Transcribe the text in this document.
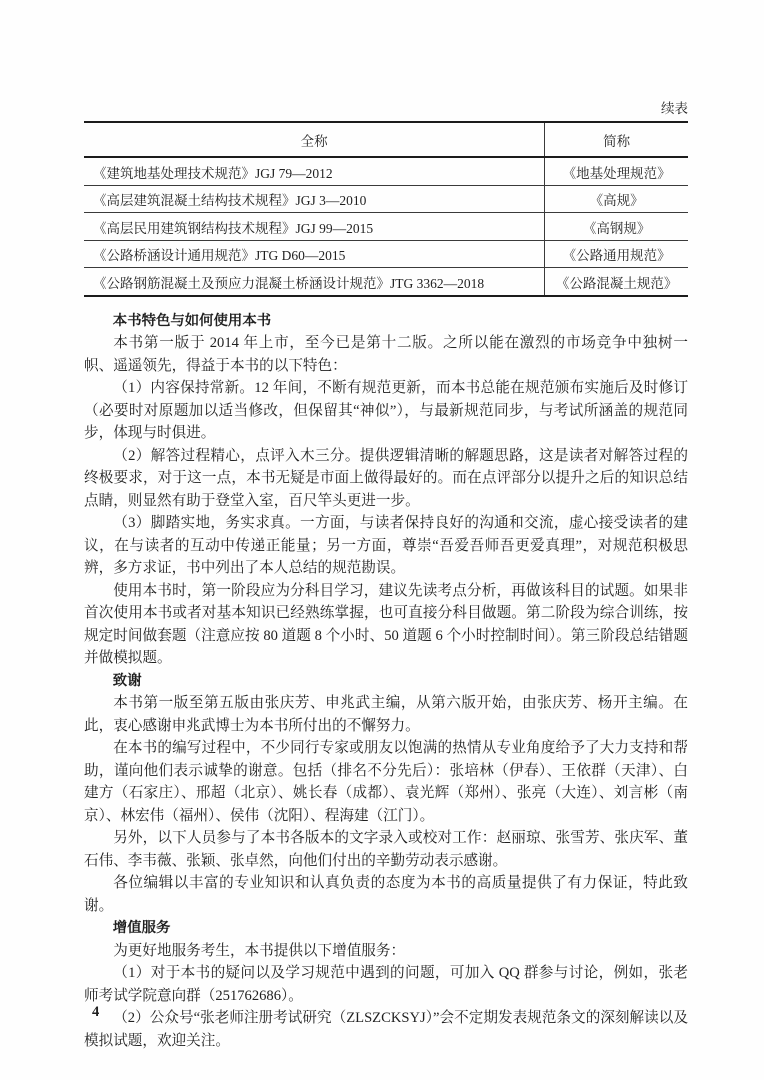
续表
全称	简称
《建筑地基处理技术规范》JGJ 79—2012	《地基处理规范》
《高层建筑混凝土结构技术规程》JGJ 3—2010	《高规》
《高层民用建筑钢结构技术规程》JGJ 99—2015	《高钢规》
《公路桥涵设计通用规范》JTG D60—2015	《公路通用规范》
《公路钢筋混凝土及预应力混凝土桥涵设计规范》JTG 3362—2018	《公路混凝土规范》
本书特色与如何使用本书

本书第一版于 2014 年上市，至今已是第十二版。之所以能在激烈的市场竞争中独树一帜、遥遥领先，得益于本书的以下特色：

（1）内容保持常新。12 年间，不断有规范更新，而本书总能在规范颁布实施后及时修订（必要时对原题加以适当修改，但保留其“神似”），与最新规范同步，与考试所涵盖的规范同步，体现与时俱进。

（2）解答过程精心，点评入木三分。提供逻辑清晰的解题思路，这是读者对解答过程的终极要求，对于这一点，本书无疑是市面上做得最好的。而在点评部分以提升之后的知识总结点睛，则显然有助于登堂入室，百尺竿头更进一步。

（3）脚踏实地，务实求真。一方面，与读者保持良好的沟通和交流，虚心接受读者的建议，在与读者的互动中传递正能量；另一方面，尊崇“吾爱吾师吾更爱真理”，对规范积极思辨，多方求证，书中列出了本人总结的规范勘误。

使用本书时，第一阶段应为分科目学习，建议先读考点分析，再做该科目的试题。如果非首次使用本书或者对基本知识已经熟练掌握，也可直接分科目做题。第二阶段为综合训练，按规定时间做套题（注意应按 80 道题 8 个小时、50 道题 6 个小时控制时间）。第三阶段总结错题并做模拟题。

致谢

本书第一版至第五版由张庆芳、申兆武主编，从第六版开始，由张庆芳、杨开主编。在此，衷心感谢申兆武博士为本书所付出的不懈努力。

在本书的编写过程中，不少同行专家或朋友以饱满的热情从专业角度给予了大力支持和帮助，谨向他们表示诚挚的谢意。包括（排名不分先后）：张培林（伊春）、王依群（天津）、白建方（石家庄）、邢超（北京）、姚长春（成都）、袁光辉（郑州）、张亮（大连）、刘言彬（南京）、林宏伟（福州）、侯伟（沈阳）、程海建（江门）。

另外，以下人员参与了本书各版本的文字录入或校对工作：赵丽琼、张雪芳、张庆军、董石伟、李韦薇、张颖、张卓然，向他们付出的辛勤劳动表示感谢。

各位编辑以丰富的专业知识和认真负责的态度为本书的高质量提供了有力保证，特此致谢。

增值服务

为更好地服务考生，本书提供以下增值服务：

（1）对于本书的疑问以及学习规范中遇到的问题，可加入 QQ 群参与讨论，例如，张老师考试学院意向群（251762686）。

（2）公众号“张老师注册考试研究（ZLSZCKSYJ）”会不定期发表规范条文的深刻解读以及模拟试题，欢迎关注。

4
